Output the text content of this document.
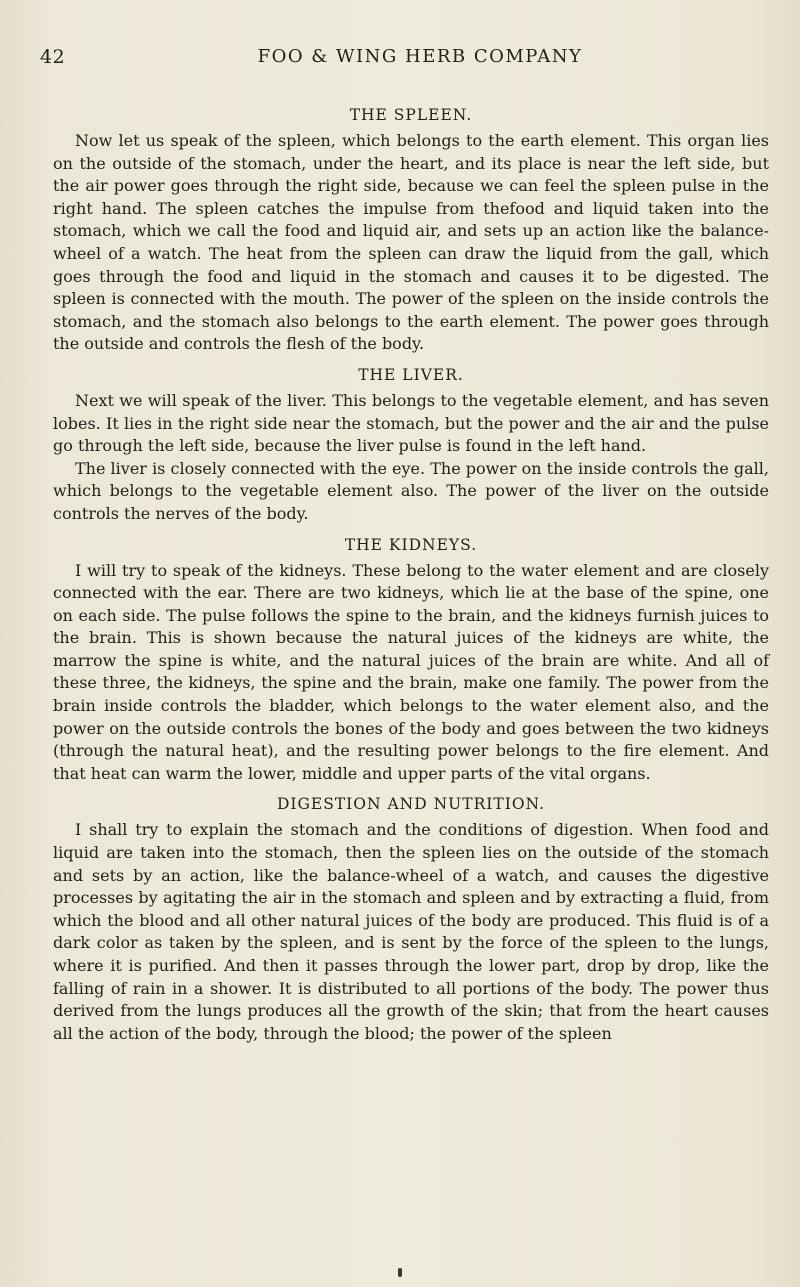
42	FOO & WING HERB COMPANY
THE SPLEEN.

Now let us speak of the spleen, which belongs to the earth element. This organ lies on the outside of the stomach, under the heart, and its place is near the left side, but the air power goes through the right side, because we can feel the spleen pulse in the right hand. The spleen catches the impulse from thefood and liquid taken into the stomach, which we call the food and liquid air, and sets up an action like the balance-wheel of a watch. The heat from the spleen can draw the liquid from the gall, which goes through the food and liquid in the stomach and causes it to be digested. The spleen is connected with the mouth. The power of the spleen on the inside controls the stomach, and the stomach also belongs to the earth element. The power goes through the outside and controls the flesh of the body.

THE LIVER.

Next we will speak of the liver. This belongs to the vegetable element, and has seven lobes. It lies in the right side near the stomach, but the power and the air and the pulse go through the left side, because the liver pulse is found in the left hand.

The liver is closely connected with the eye. The power on the inside controls the gall, which belongs to the vegetable element also. The power of the liver on the outside controls the nerves of the body.

THE KIDNEYS.

I will try to speak of the kidneys. These belong to the water element and are closely connected with the ear. There are two kidneys, which lie at the base of the spine, one on each side. The pulse follows the spine to the brain, and the kidneys furnish juices to the brain. This is shown because the natural juices of the kidneys are white, the marrow the spine is white, and the natural juices of the brain are white. And all of these three, the kidneys, the spine and the brain, make one family. The power from the brain inside controls the bladder, which belongs to the water element also, and the power on the outside controls the bones of the body and goes between the two kidneys (through the natural heat), and the resulting power belongs to the fire element. And that heat can warm the lower, middle and upper parts of the vital organs.

DIGESTION AND NUTRITION.

I shall try to explain the stomach and the conditions of digestion. When food and liquid are taken into the stomach, then the spleen lies on the outside of the stomach and sets by an action, like the balance-wheel of a watch, and causes the digestive processes by agitating the air in the stomach and spleen and by extracting a fluid, from which the blood and all other natural juices of the body are produced. This fluid is of a dark color as taken by the spleen, and is sent by the force of the spleen to the lungs, where it is purified. And then it passes through the lower part, drop by drop, like the falling of rain in a shower. It is distributed to all portions of the body. The power thus derived from the lungs produces all the growth of the skin; that from the heart causes all the action of the body, through the blood; the power of the spleen
